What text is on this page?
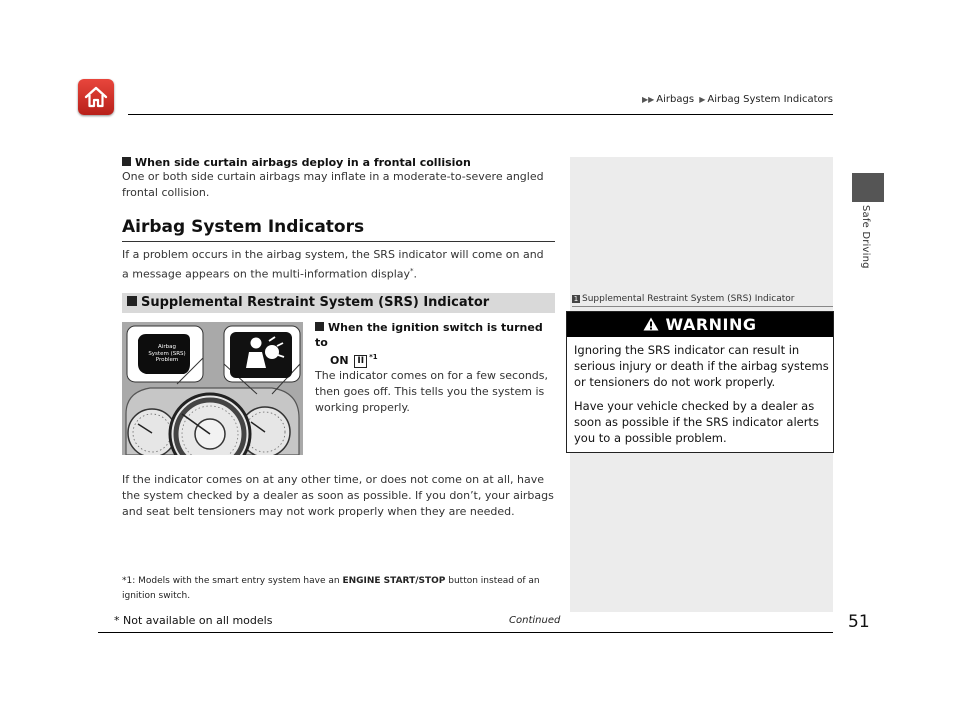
▶▶ Airbags ▶ Airbag System Indicators
Safe Driving
When side curtain airbags deploy in a frontal collision
One or both side curtain airbags may inflate in a moderate-to-severe angled frontal collision.
Airbag System Indicators
If a problem occurs in the airbag system, the SRS indicator will come on and a message appears on the multi-information display*.
Supplemental Restraint System (SRS) Indicator
Airbag
System (SRS)
Problem
When the ignition switch is turned to
ON II $^{*1}$
The indicator comes on for a few seconds, then goes off. This tells you the system is working properly.
If the indicator comes on at any other time, or does not come on at all, have the system checked by a dealer as soon as possible. If you don’t, your airbags and seat belt tensioners may not work properly when they are needed.
*1: Models with the smart entry system have an ENGINE START/STOP button instead of an ignition switch.
1 Supplemental Restraint System (SRS) Indicator
WARNING
Ignoring the SRS indicator can result in serious injury or death if the airbag systems or tensioners do not work properly.
Have your vehicle checked by a dealer as soon as possible if the SRS indicator alerts you to a possible problem.
Continued	51
* Not available on all models
